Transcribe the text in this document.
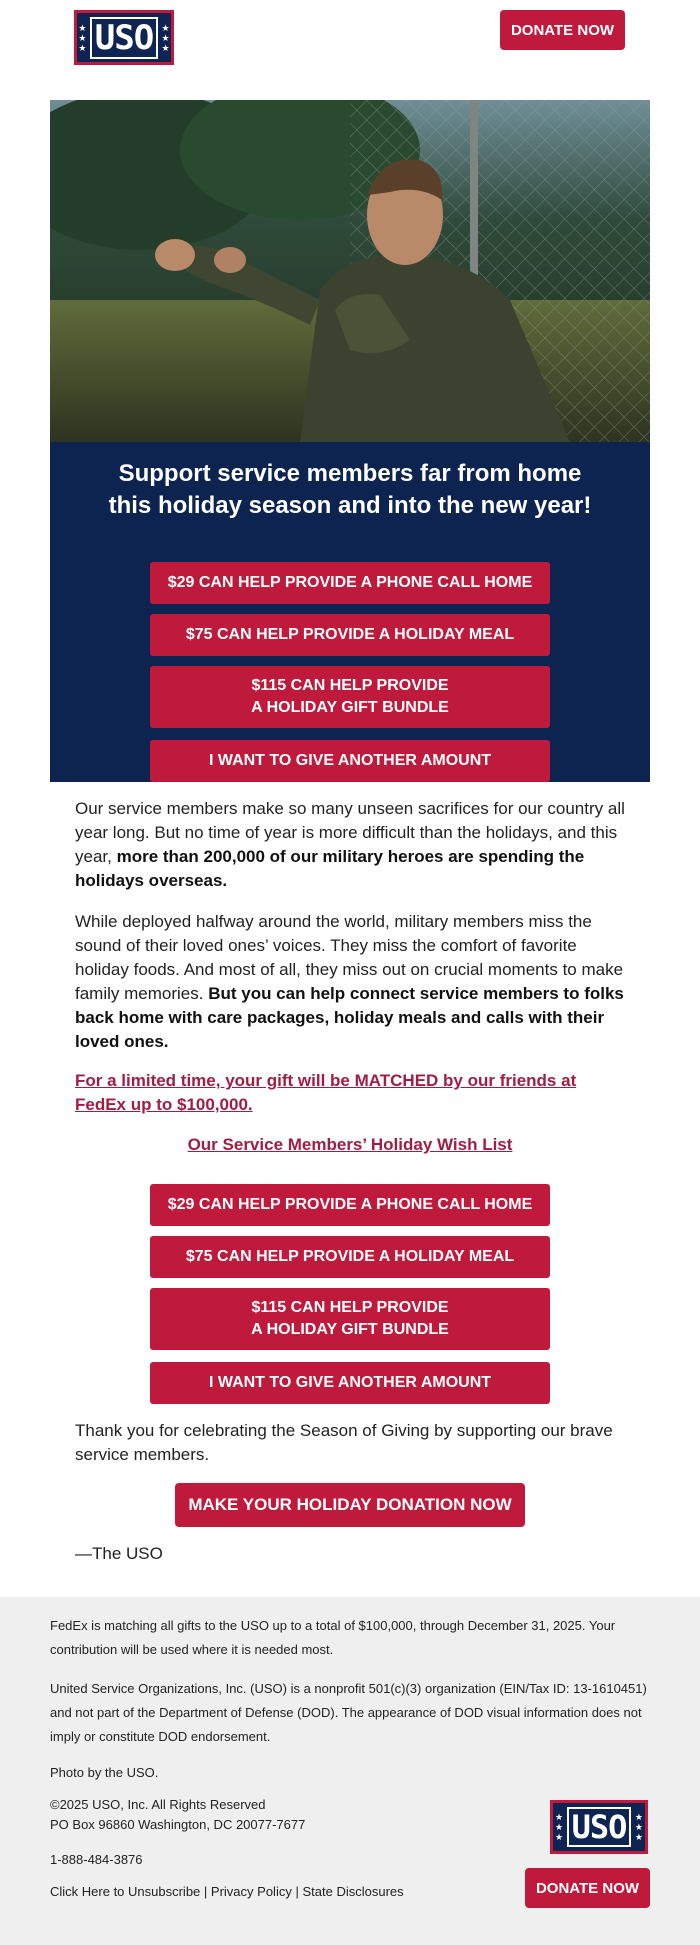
★
★
★ USO ★
★
★
DONATE NOW
Support service members far from home
this holiday season and into the new year!
$29 CAN HELP PROVIDE A PHONE CALL HOME
$75 CAN HELP PROVIDE A HOLIDAY MEAL
$115 CAN HELP PROVIDE
A HOLIDAY GIFT BUNDLE
I WANT TO GIVE ANOTHER AMOUNT

Our service members make so many unseen sacrifices for our country all year long. But no time of year is more difficult than the holidays, and this year, more than 200,000 of our military heroes are spending the holidays overseas.

While deployed halfway around the world, military members miss the sound of their loved ones’ voices. They miss the comfort of favorite holiday foods. And most of all, they miss out on crucial moments to make family memories. But you can help connect service members to folks back home with care packages, holiday meals and calls with their loved ones.

For a limited time, your gift will be MATCHED by our friends at FedEx up to $100,000.

Our Service Members’ Holiday Wish List

$29 CAN HELP PROVIDE A PHONE CALL HOME
$75 CAN HELP PROVIDE A HOLIDAY MEAL
$115 CAN HELP PROVIDE
A HOLIDAY GIFT BUNDLE
I WANT TO GIVE ANOTHER AMOUNT

Thank you for celebrating the Season of Giving by supporting our brave service members.

MAKE YOUR HOLIDAY DONATION NOW

—The USO

FedEx is matching all gifts to the USO up to a total of $100,000, through December 31, 2025. Your contribution will be used where it is needed most.

United Service Organizations, Inc. (USO) is a nonprofit 501(c)(3) organization (EIN/Tax ID: 13-1610451) and not part of the Department of Defense (DOD). The appearance of DOD visual information does not imply or constitute DOD endorsement.

Photo by the USO.

©2025 USO, Inc. All Rights Reserved
PO Box 96860 Washington, DC 20077-7677

1-888-484-3876

Click Here to Unsubscribe | Privacy Policy | State Disclosures

★
★
★ USO ★
★
★
DONATE NOW
